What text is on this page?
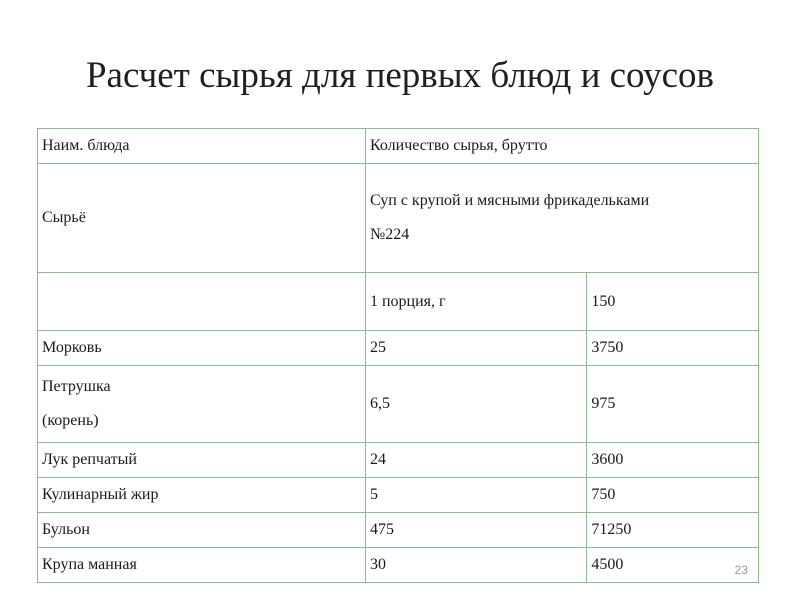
Расчет сырья для первых блюд и соусов
Наим. блюда	Количество сырья, брутто	
Сырьё	Суп с крупой и мясными фрикадельками
№224	

	1 порция, г	150
Морковь	25	3750

Петрушка
(корень)	6,5	975
Лук репчатый	24	3600
Кулинарный жир	5	750
Бульон	475	71250
Крупа манная	30	4500	23
